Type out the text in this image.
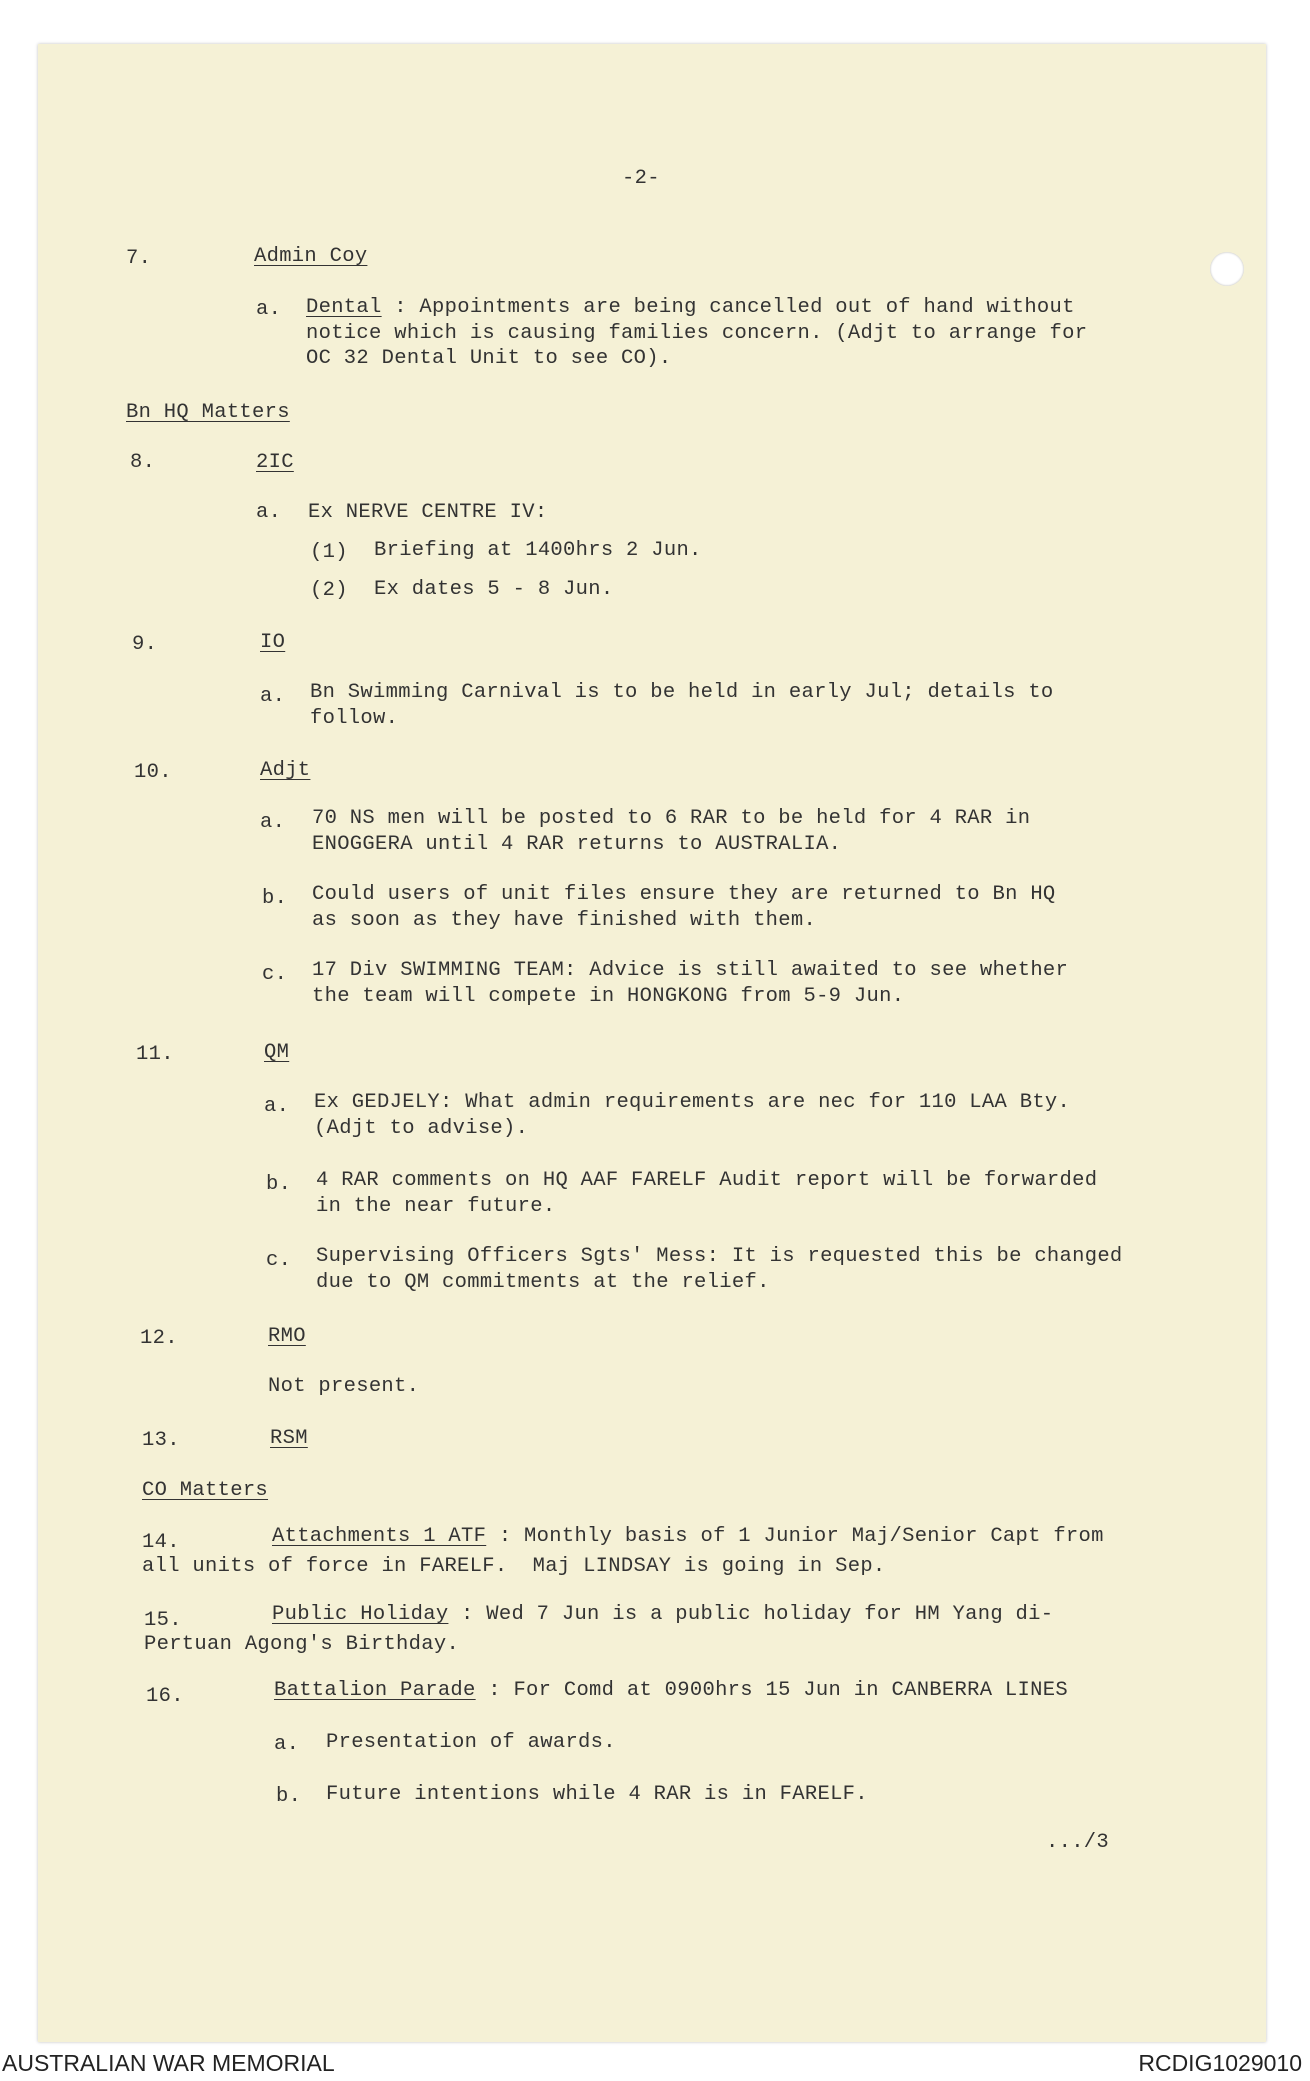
-2-

7.	Admin Coy

a. Dental : Appointments are being cancelled out of hand without

notice which is causing families concern. (Adjt to arrange for

OC 32 Dental Unit to see CO).

Bn HQ Matters

8.	2IC

a. Ex NERVE CENTRE IV:

(1) Briefing at 1400hrs 2 Jun.

(2) Ex dates 5 - 8 Jun.

9.	IO

a. Bn Swimming Carnival is to be held in early Jul; details to

follow.

10.	Adjt

a. 70 NS men will be posted to 6 RAR to be held for 4 RAR in

ENOGGERA until 4 RAR returns to AUSTRALIA.

b. Could users of unit files ensure they are returned to Bn HQ

as soon as they have finished with them.

c. 17 Div SWIMMING TEAM: Advice is still awaited to see whether

the team will compete in HONGKONG from 5-9 Jun.

11.	QM

a. Ex GEDJELY: What admin requirements are nec for 110 LAA Bty.

(Adjt to advise).

b. 4 RAR comments on HQ AAF FARELF Audit report will be forwarded

in the near future.

c. Supervising Officers Sgts' Mess: It is requested this be changed

due to QM commitments at the relief.

12.	RMO

Not present.

13.	RSM

CO Matters

14.	Attachments 1 ATF : Monthly basis of 1 Junior Maj/Senior Capt from

all units of force in FARELF.  Maj LINDSAY is going in Sep.

15.	Public Holiday : Wed 7 Jun is a public holiday for HM Yang di-

Pertuan Agong's Birthday.

16.	Battalion Parade : For Comd at 0900hrs 15 Jun in CANBERRA LINES

a. Presentation of awards.

b. Future intentions while 4 RAR is in FARELF.

.../3

AUSTRALIAN WAR MEMORIAL	RCDIG1029010
